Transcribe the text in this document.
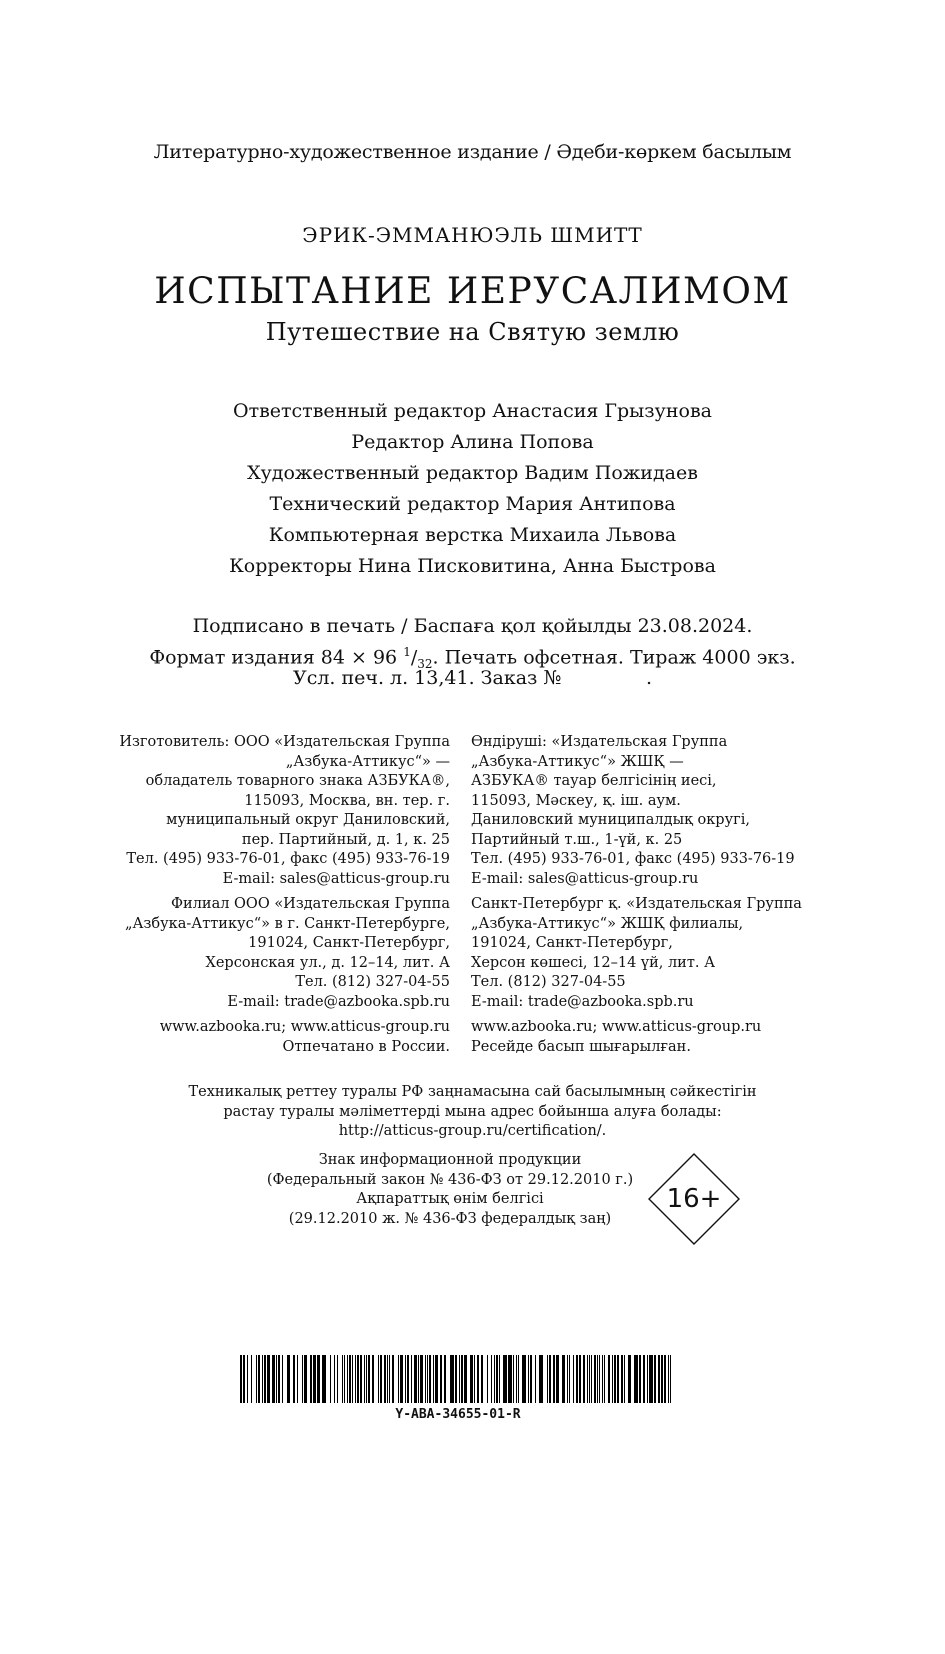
Литературно-художественное издание / Әдеби-көркем басылым
ЭРИК-ЭММАНЮЭЛЬ ШМИТТ
ИСПЫТАНИЕ ИЕРУСАЛИМОМ
Путешествие на Святую землю
Ответственный редактор Анастасия Грызунова
Редактор Алина Попова
Художественный редактор Вадим Пожидаев
Технический редактор Мария Антипова
Компьютерная верстка Михаила Львова
Корректоры Нина Писковитина, Анна Быстрова
Подписано в печать / Баспаға қол қойылды 23.08.2024.
Формат издания 84 × 96 $^1/_{32}$. Печать офсетная. Тираж 4000 экз.
Усл. печ. л. 13,41. Заказ №              .
Изготовитель: ООО «Издательская Группа
„Азбука-Аттикус“» —
обладатель товарного знака АЗБУКА®,
115093, Москва, вн. тер. г.
муниципальный округ Даниловский,
пер. Партийный, д. 1, к. 25
Тел. (495) 933-76-01, факс (495) 933-76-19
E-mail: sales@atticus-group.ru
Филиал ООО «Издательская Группа
„Азбука-Аттикус“» в г. Санкт-Петербурге,
191024, Санкт-Петербург,
Херсонская ул., д. 12–14, лит. А
Тел. (812) 327-04-55
E-mail: trade@azbooka.spb.ru
www.azbooka.ru; www.atticus-group.ru
Отпечатано в России.
Өндіруші: «Издательская Группа
„Азбука-Аттикус“» ЖШҚ —
АЗБУКА® тауар белгісінің иесі,
115093, Мәскеу, қ. іш. аум.
Даниловский муниципалдық округі,
Партийный т.ш., 1-үй, к. 25
Тел. (495) 933-76-01, факс (495) 933-76-19
E-mail: sales@atticus-group.ru
Санкт-Петербург қ. «Издательская Группа
„Азбука-Аттикус“» ЖШҚ филиалы,
191024, Санкт-Петербург,
Херсон көшесі, 12–14 үй, лит. А
Тел. (812) 327-04-55
E-mail: trade@azbooka.spb.ru
www.azbooka.ru; www.atticus-group.ru
Ресейде басып шығарылған.
Техникалық реттеу туралы РФ заңнамасына сай басылымның сәйкестігін
растау туралы мәліметтерді мына адрес бойынша алуға болады:
http://atticus-group.ru/certification/.
Знак информационной продукции
(Федеральный закон № 436-ФЗ от 29.12.2010 г.)
Ақпараттық өнім белгісі
(29.12.2010 ж. № 436-ФЗ федералдық заң)
16+
Y-ABA-34655-01-R
